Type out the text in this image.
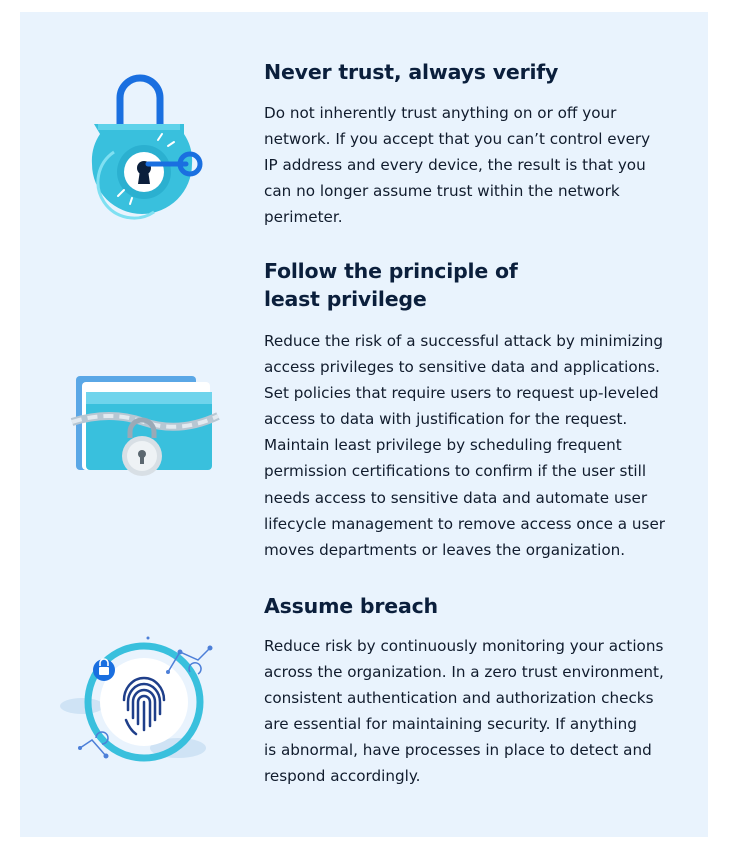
Never trust, always verify

Do not inherently trust anything on or off your
network. If you accept that you can’t control every
IP address and every device, the result is that you
can no longer assume trust within the network
perimeter.

Follow the principle of
least privilege

Reduce the risk of a successful attack by minimizing
access privileges to sensitive data and applications.
Set policies that require users to request up-leveled
access to data with justification for the request.
Maintain least privilege by scheduling frequent
permission certifications to confirm if the user still
needs access to sensitive data and automate user
lifecycle management to remove access once a user
moves departments or leaves the organization.

Assume breach

Reduce risk by continuously monitoring your actions
across the organization. In a zero trust environment,
consistent authentication and authorization checks
are essential for maintaining security. If anything
is abnormal, have processes in place to detect and
respond accordingly.
